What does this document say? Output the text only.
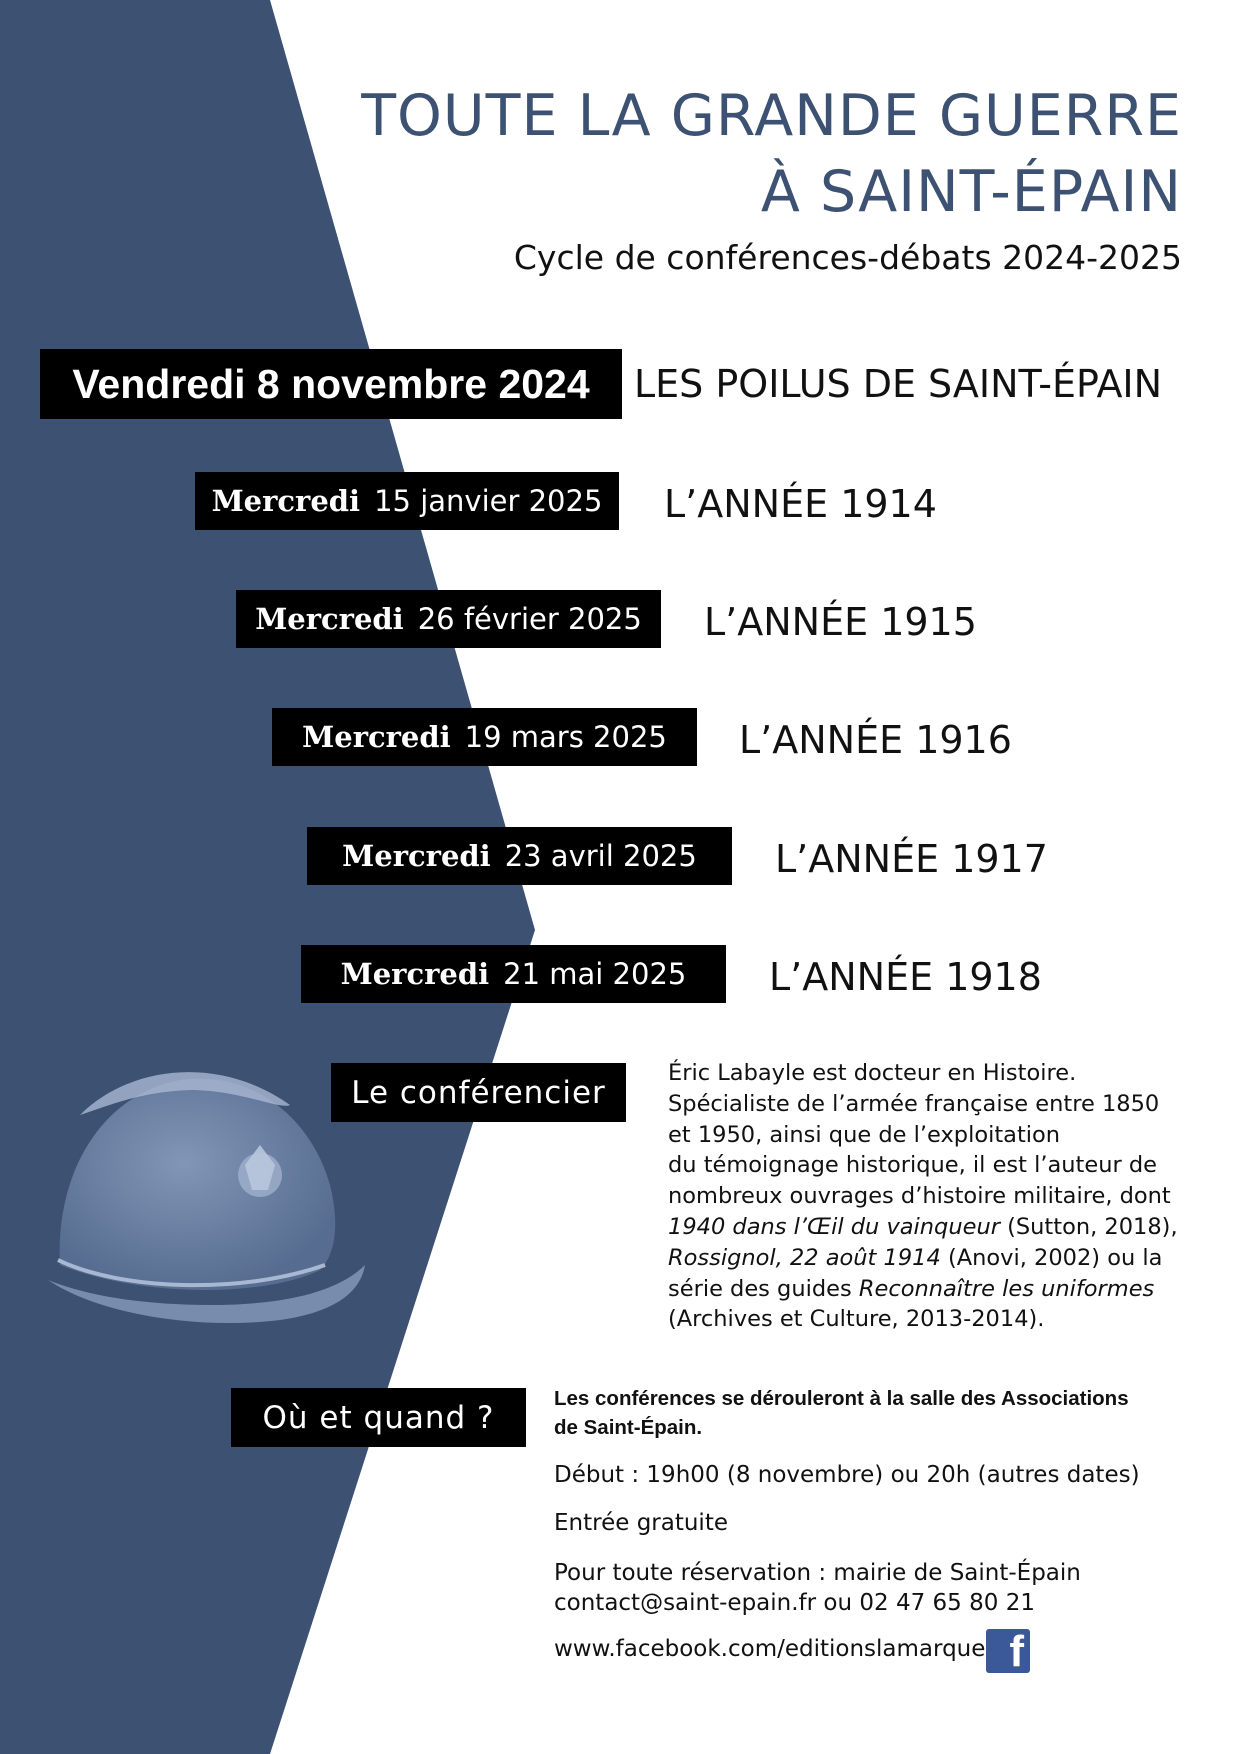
TOUTE LA GRANDE GUERRE
À SAINT-ÉPAIN
Cycle de conférences-débats 2024-2025
Vendredi 8 novembre 2024	LES POILUS DE SAINT-ÉPAIN
Mercredi 15 janvier 2025 L’ANNÉE 1914
Mercredi 26 février 2025 L’ANNÉE 1915
Mercredi 19 mars 2025 L’ANNÉE 1916
Mercredi 23 avril 2025 L’ANNÉE 1917
Mercredi 21 mai 2025 L’ANNÉE 1918
Le conférencier
Éric Labayle est docteur en Histoire.
Spécialiste de l’armée française entre 1850
et 1950, ainsi que de l’exploitation
du témoignage historique, il est l’auteur de
nombreux ouvrages d’histoire militaire, dont
1940 dans l’Œil du vainqueur (Sutton, 2018),
Rossignol, 22 août 1914 (Anovi, 2002) ou la
série des guides Reconnaître les uniformes
(Archives et Culture, 2013-2014).
Où et quand ?
Les conférences se dérouleront à la salle des Associations
de Saint-Épain.
Début : 19h00 (8 novembre) ou 20h (autres dates)
Entrée gratuite
Pour toute réservation : mairie de Saint-Épain
contact@saint-epain.fr ou 02 47 65 80 21
www.facebook.com/editionslamarque f
